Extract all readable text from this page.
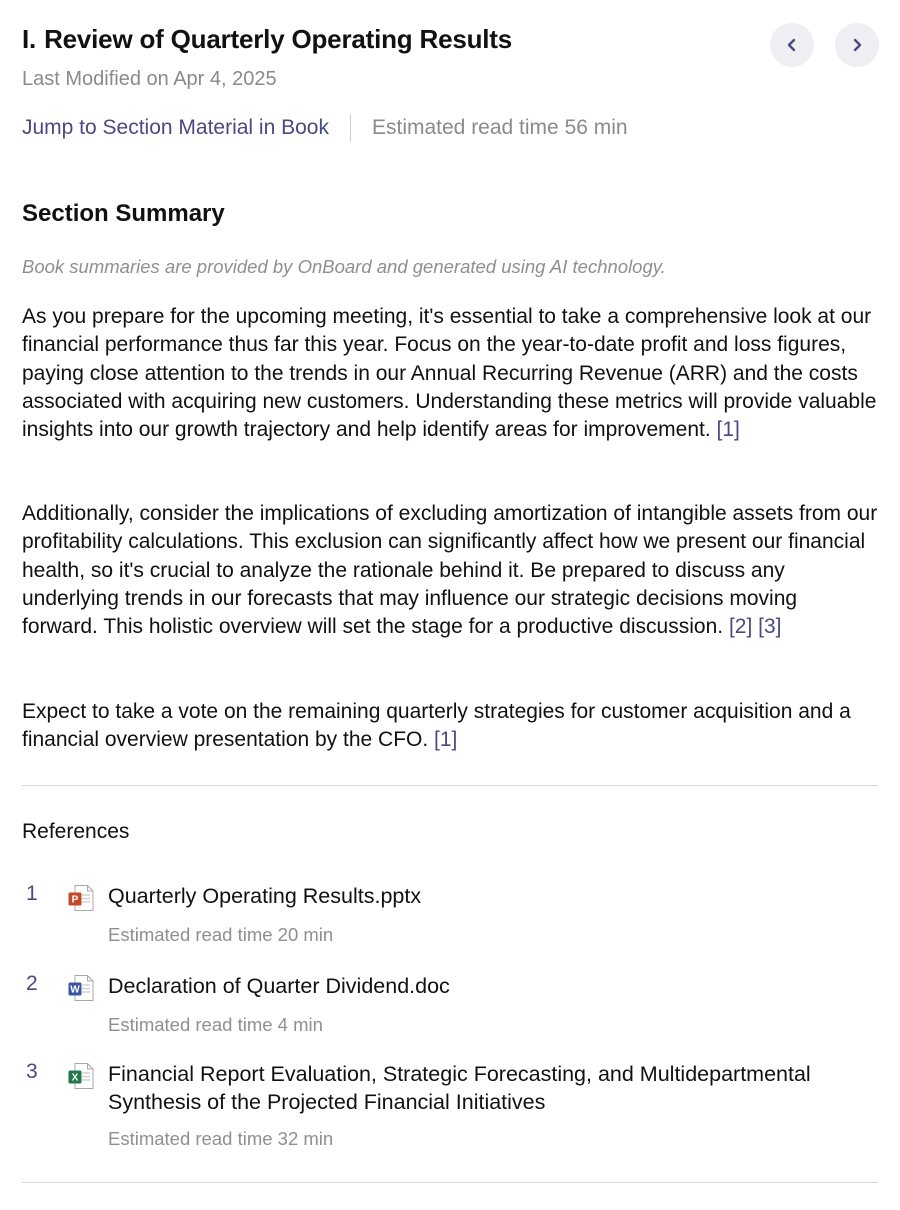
I. Review of Quarterly Operating Results
Last Modified on Apr 4, 2025
Jump to Section Material in Book Estimated read time 56 min
Section Summary
Book summaries are provided by OnBoard and generated using AI technology.

As you prepare for the upcoming meeting, it's essential to take a comprehensive look at our financial performance thus far this year. Focus on the year-to-date profit and loss figures, paying close attention to the trends in our Annual Recurring Revenue (ARR) and the costs associated with acquiring new customers. Understanding these metrics will provide valuable insights into our growth trajectory and help identify areas for improvement. [1]

Additionally, consider the implications of excluding amortization of intangible assets from our profitability calculations. This exclusion can significantly affect how we present our financial health, so it's crucial to analyze the rationale behind it. Be prepared to discuss any underlying trends in our forecasts that may influence our strategic decisions moving forward. This holistic overview will set the stage for a productive discussion. [2] [3]

Expect to take a vote on the remaining quarterly strategies for customer acquisition and a financial overview presentation by the CFO. [1]

References
1	P Quarterly Operating Results.pptx
Estimated read time 20 min
2	W Declaration of Quarter Dividend.doc
Estimated read time 4 min
3	X Financial Report Evaluation, Strategic Forecasting, and Multidepartmental Synthesis of the Projected Financial Initiatives
Estimated read time 32 min
